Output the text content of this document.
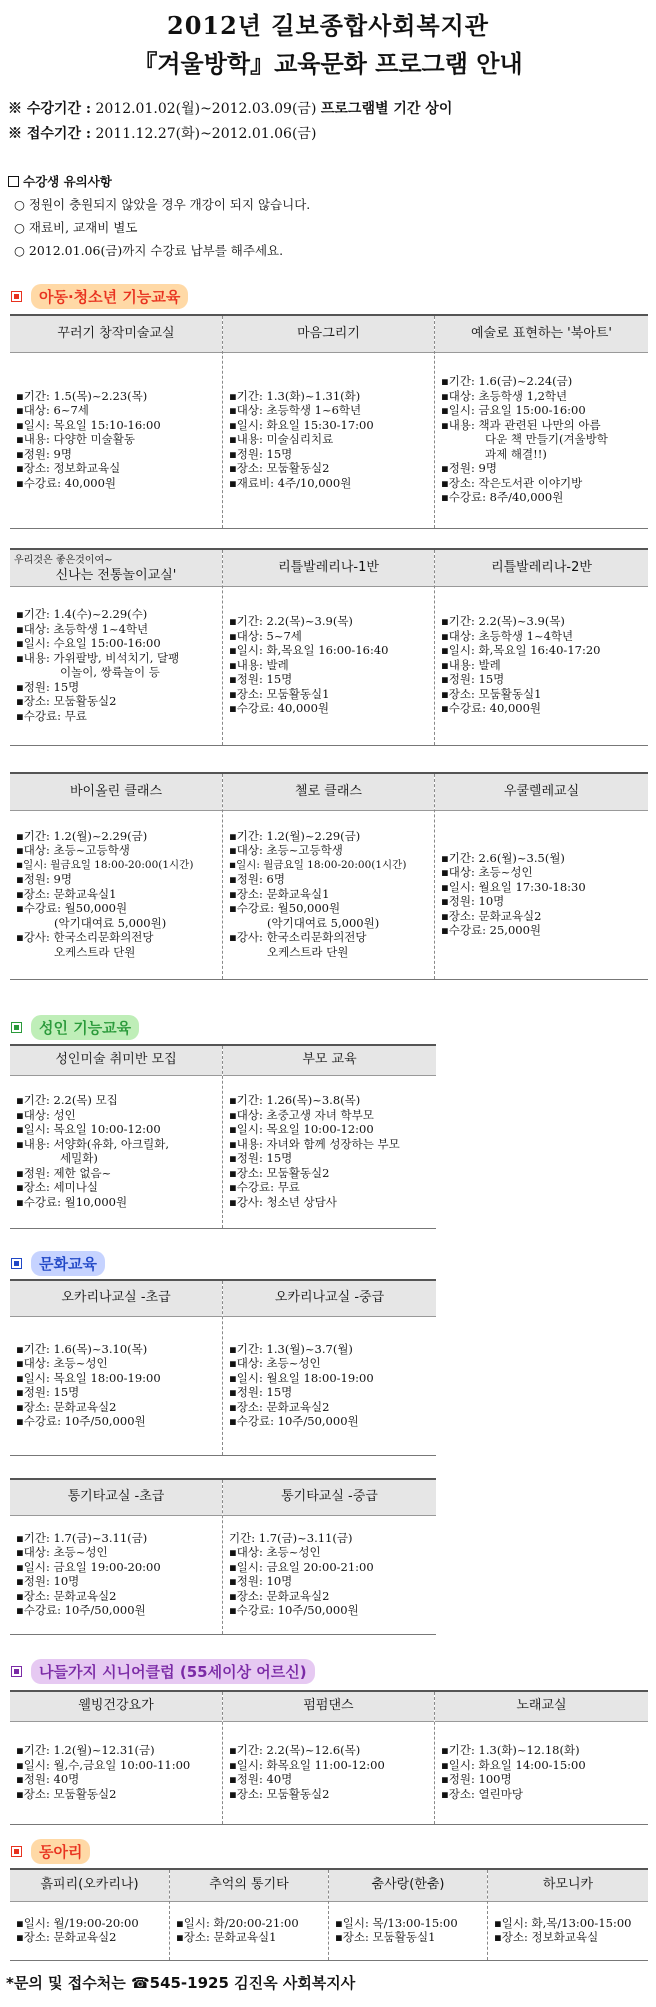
2012년 길보종합사회복지관
『겨울방학』교육문화 프로그램 안내
※ 수강기간 : 2012.01.02(월)~2012.03.09(금) 프로그램별 기간 상이
※ 접수기간 : 2011.12.27(화)~2012.01.06(금)
수강생 유의사항
○ 정원이 충원되지 않았을 경우 개강이 되지 않습니다.
○ 재료비, 교재비 별도
○ 2012.01.06(금)까지 수강료 납부를 해주세요.
아동·청소년 기능교육
꾸러기 창작미술교실
▪기간: 1.5(목)~2.23(목)
▪대상: 6~7세
▪일시: 목요일 15:10-16:00
▪내용: 다양한 미술활동
▪정원: 9명
▪장소: 정보화교육실
▪수강료: 40,000원
마음그리기
▪기간: 1.3(화)~1.31(화)
▪대상: 초등학생 1~6학년
▪일시: 화요일 15:30-17:00
▪내용: 미술심리치료
▪정원: 15명
▪장소: 모둠활동실2
▪재료비: 4주/10,000원
예술로 표현하는 '북아트'
▪기간: 1.6(금)~2.24(금)
▪대상: 초등학생 1,2학년
▪일시: 금요일 15:00-16:00
▪내용: 책과 관련된 나만의 아름
다운 책 만들기(겨울방학
과제 해결!!)
▪정원: 9명
▪장소: 작은도서관 이야기방
▪수강료: 8주/40,000원
우리것은 좋은것이여~
신나는 전통놀이교실'
▪기간: 1.4(수)~2.29(수)
▪대상: 초등학생 1~4학년
▪일시: 수요일 15:00-16:00
▪내용: 가위팔방, 비석치기, 달팽
이놀이, 쌍륙놀이 등
▪정원: 15명
▪장소: 모둠활동실2
▪수강료: 무료
리틀발레리나-1반
▪기간: 2.2(목)~3.9(목)
▪대상: 5~7세
▪일시: 화,목요일 16:00-16:40
▪내용: 발레
▪정원: 15명
▪장소: 모둠활동실1
▪수강료: 40,000원
리틀발레리나-2반
▪기간: 2.2(목)~3.9(목)
▪대상: 초등학생 1~4학년
▪일시: 화,목요일 16:40-17:20
▪내용: 발레
▪정원: 15명
▪장소: 모둠활동실1
▪수강료: 40,000원
바이올린 클래스
▪기간: 1.2(월)~2.29(금)
▪대상: 초등~고등학생
▪일시: 월금요일 18:00-20:00(1시간)
▪정원: 9명
▪장소: 문화교육실1
▪수강료: 월50,000원
(악기대여료 5,000원)
▪강사: 한국소리문화의전당
오케스트라 단원
첼로 클래스
▪기간: 1.2(월)~2.29(금)
▪대상: 초등~고등학생
▪일시: 월금요일 18:00-20:00(1시간)
▪정원: 6명
▪장소: 문화교육실1
▪수강료: 월50,000원
(악기대여료 5,000원)
▪강사: 한국소리문화의전당
오케스트라 단원
우쿨렐레교실
▪기간: 2.6(월)~3.5(월)
▪대상: 초등~성인
▪일시: 월요일 17:30-18:30
▪정원: 10명
▪장소: 문화교육실2
▪수강료: 25,000원
성인 기능교육
성인미술 취미반 모집
▪기간: 2.2(목) 모집
▪대상: 성인
▪일시: 목요일 10:00-12:00
▪내용: 서양화(유화, 아크릴화,
세밀화)
▪정원: 제한 없음~
▪장소: 세미나실
▪수강료: 월10,000원
부모 교육
▪기간: 1.26(목)~3.8(목)
▪대상: 초중고생 자녀 학부모
▪일시: 목요일 10:00-12:00
▪내용: 자녀와 함께 성장하는 부모
▪정원: 15명
▪장소: 모둠활동실2
▪수강료: 무료
▪강사: 청소년 상담사
문화교육
오카리나교실 -초급
▪기간: 1.6(목)~3.10(목)
▪대상: 초등~성인
▪일시: 목요일 18:00-19:00
▪정원: 15명
▪장소: 문화교육실2
▪수강료: 10주/50,000원
오카리나교실 -중급
▪기간: 1.3(월)~3.7(월)
▪대상: 초등~성인
▪일시: 월요일 18:00-19:00
▪정원: 15명
▪장소: 문화교육실2
▪수강료: 10주/50,000원
통기타교실 -초급
▪기간: 1.7(금)~3.11(금)
▪대상: 초등~성인
▪일시: 금요일 19:00-20:00
▪정원: 10명
▪장소: 문화교육실2
▪수강료: 10주/50,000원
통기타교실 -중급
기간: 1.7(금)~3.11(금)
▪대상: 초등~성인
▪일시: 금요일 20:00-21:00
▪정원: 10명
▪장소: 문화교육실2
▪수강료: 10주/50,000원
나들가지 시니어클럽 (55세이상 어르신)
웰빙건강요가
▪기간: 1.2(월)~12.31(금)
▪일시: 월,수,금요일 10:00-11:00
▪정원: 40명
▪장소: 모둠활동실2
펌펌댄스
▪기간: 2.2(목)~12.6(목)
▪일시: 화목요일 11:00-12:00
▪정원: 40명
▪장소: 모둠활동실2
노래교실
▪기간: 1.3(화)~12.18(화)
▪일시: 화요일 14:00-15:00
▪정원: 100명
▪장소: 열린마당
동아리
흙피리(오카리나)
▪일시: 월/19:00-20:00
▪장소: 문화교육실2
추억의 통기타
▪일시: 화/20:00-21:00
▪장소: 문화교육실1
춤사랑(한춤)
▪일시: 목/13:00-15:00
▪장소: 모둠활동실1
하모니카
▪일시: 화,목/13:00-15:00
▪장소: 정보화교육실
*문의 및 접수처는 ☎545-1925 김진옥 사회복지사
